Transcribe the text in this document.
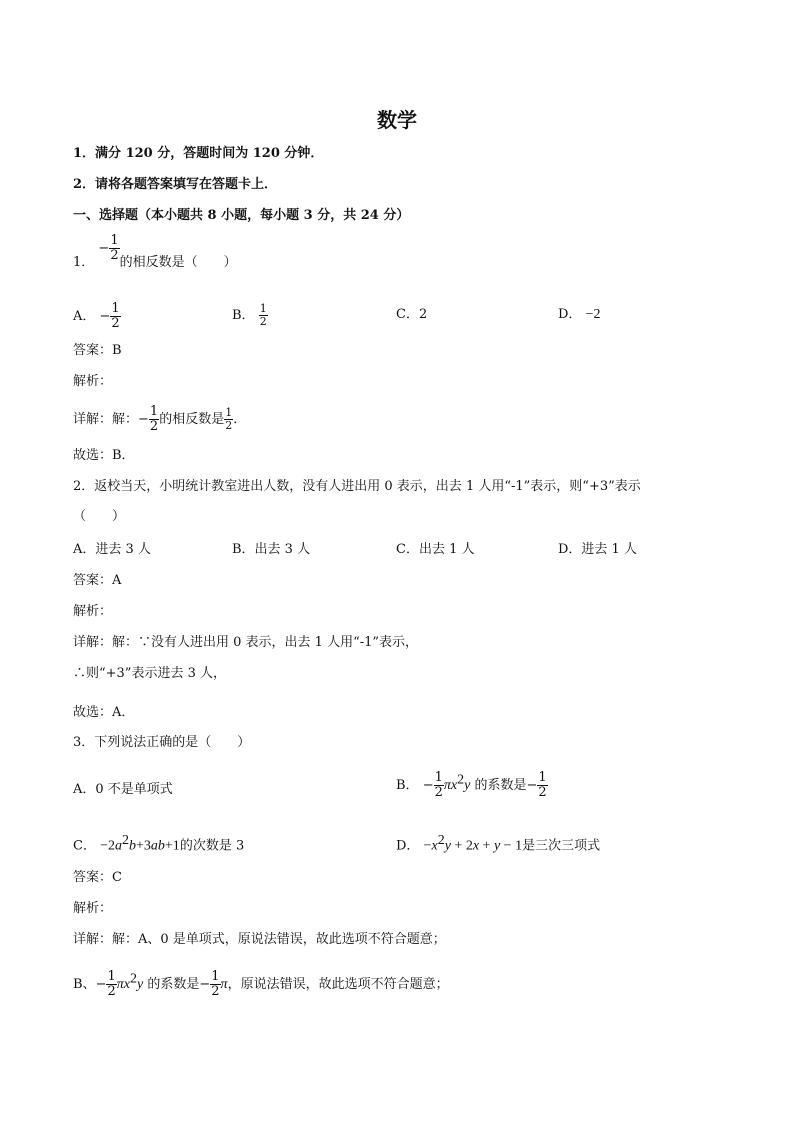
数学
1．满分 120 分，答题时间为 120 分钟．
2．请将各题答案填写在答题卡上．
一、选择题（本小题共 8 小题，每小题 3 分，共 24 分）
1． − $\frac{1}{2}$ 的相反数是（　　）
A． − $\frac{1}{2}$	B． $\frac{1}{2}$	C．2	D． −2
答案：B
解析：
详解：解：− $\frac{1}{2}$ 的相反数是 $\frac{1}{2}$ ．
故选：B．
2．返校当天，小明统计教室进出人数，没有人进出用 0 表示，出去 1 人用“-1”表示，则“+3”表示
（　　）
A．进去 3 人	B．出去 3 人	C．出去 1 人	D．进去 1 人
答案：A
解析：
详解：解：∵没有人进出用 0 表示，出去 1 人用“-1”表示，
∴则“+3”表示进去 3 人，
故选：A．
3．下列说法正确的是（　　）
A．0 不是单项式	B． − $\frac{1}{2} \pi x^2y$ 的系数是− $\frac{1}{2}$
C． $-2a^2b+3ab+1$的次数是 3	D． $-x^2y + 2x + y - 1$是三次三项式
答案：C
解析：
详解：解：A、0 是单项式，原说法错误，故此选项不符合题意；
B、− $\frac{1}{2} \pi x^2y$ 的系数是− $\frac{1}{2}$ π，原说法错误，故此选项不符合题意；
